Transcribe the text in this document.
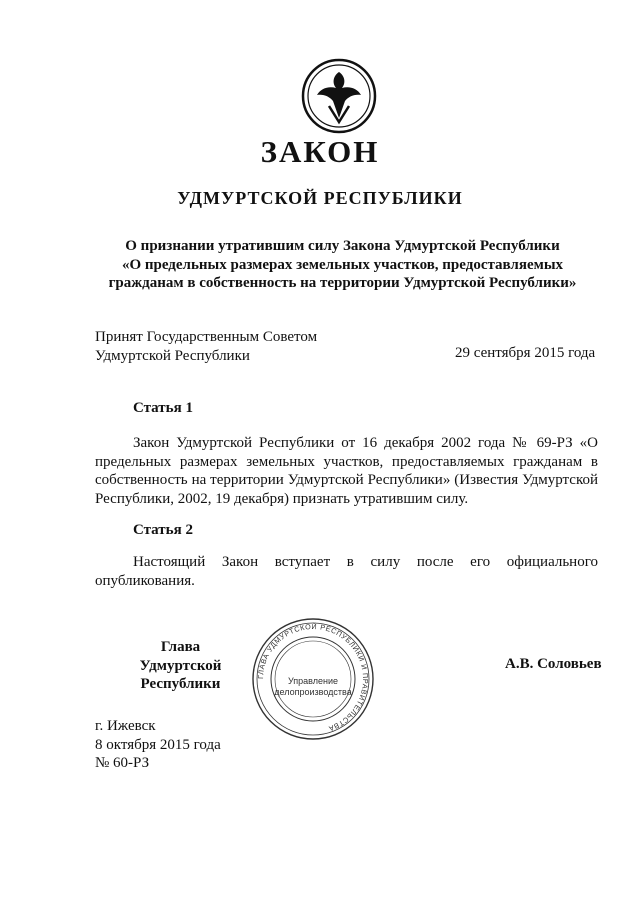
ЗАКОН
УДМУРТСКОЙ РЕСПУБЛИКИ
О признании утратившим силу Закона Удмуртской Республики
«О предельных размерах земельных участков, предоставляемых
гражданам в собственность на территории Удмуртской Республики»
Принят Государственным Советом
Удмуртской Республики	29 сентября 2015 года
Статья 1
Закон Удмуртской Республики от 16 декабря 2002 года № 69-РЗ «О предельных размерах земельных участков, предоставляемых гражданам в собственность на территории Удмуртской Республики» (Известия Удмуртской Республики, 2002, 19 декабря) признать утратившим силу.
Статья 2
Настоящий Закон вступает в силу после его официального опубликования.
ГЛАВА УДМУРТСКОЙ РЕСПУБЛИКИ И ПРАВИТЕЛЬСТВА
Управление
делопроизводства
Глава
Удмуртской Республики
А.В. Соловьев
г. Ижевск
8 октября 2015 года
№ 60-РЗ
